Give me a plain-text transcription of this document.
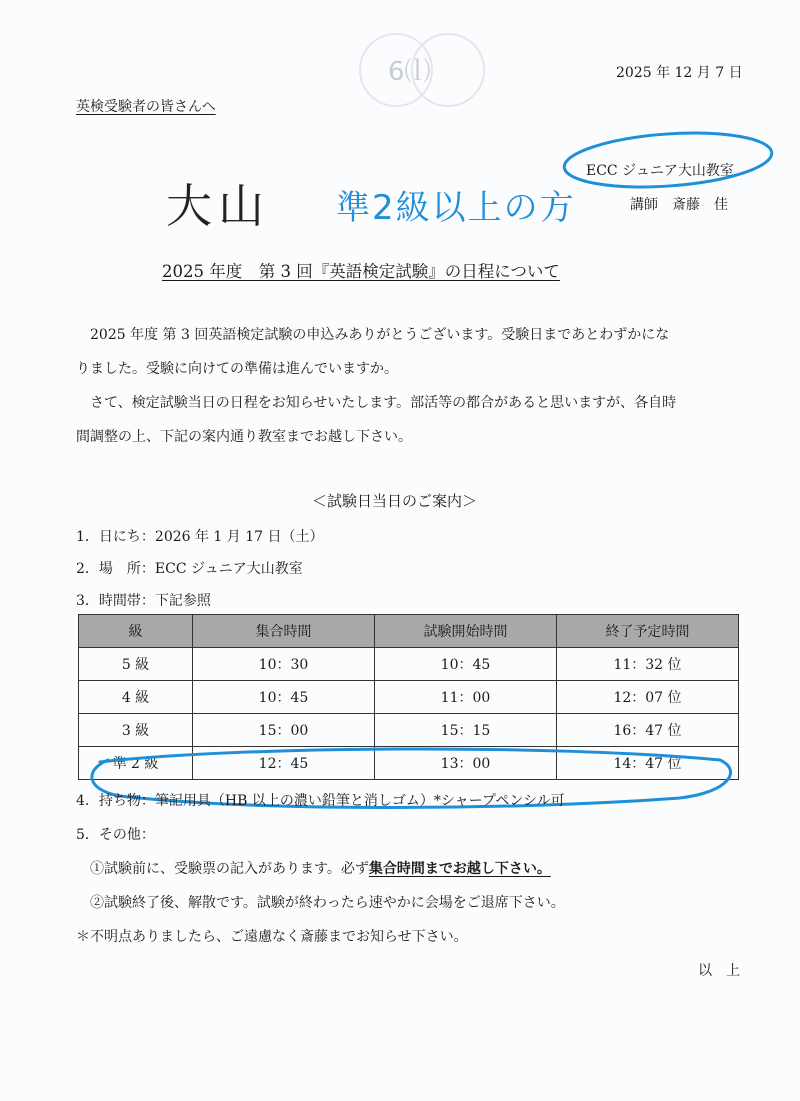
6⒧	2025 年 12 月 7 日
英検受験者の皆さんへ
ECC ジュニア大山教室
講師　斎藤　佳
大山 準2級以上の方
2025 年度　第 3 回『英語検定試験』の日程について
2025 年度 第 3 回英語検定試験の申込みありがとうございます。受験日まであとわずかにな
りました。受験に向けての準備は進んでいますか。
さて、検定試験当日の日程をお知らせいたします。部活等の都合があると思いますが、各自時
間調整の上、下記の案内通り教室までお越し下さい。
＜試験日当日のご案内＞
1．日にち：2026 年 1 月 17 日（土）
2．場　所：ECC ジュニア大山教室
3．時間帯：下記参照
級	集合時間	試験開始時間	終了予定時間
5 級	10：30	10：45	11：32 位
4 級	10：45	11：00	12：07 位
3 級	15：00	15：15	16：47 位
準 2 級	12：45	13：00	14：47 位
4．持ち物：筆記用具（HB 以上の濃い鉛筆と消しゴム）*シャープペンシル可
5．その他：
①試験前に、受験票の記入があります。必ず集合時間までお越し下さい。
②試験終了後、解散です。試験が終わったら速やかに会場をご退席下さい。
＊不明点ありましたら、ご遠慮なく斎藤までお知らせ下さい。
以　上
